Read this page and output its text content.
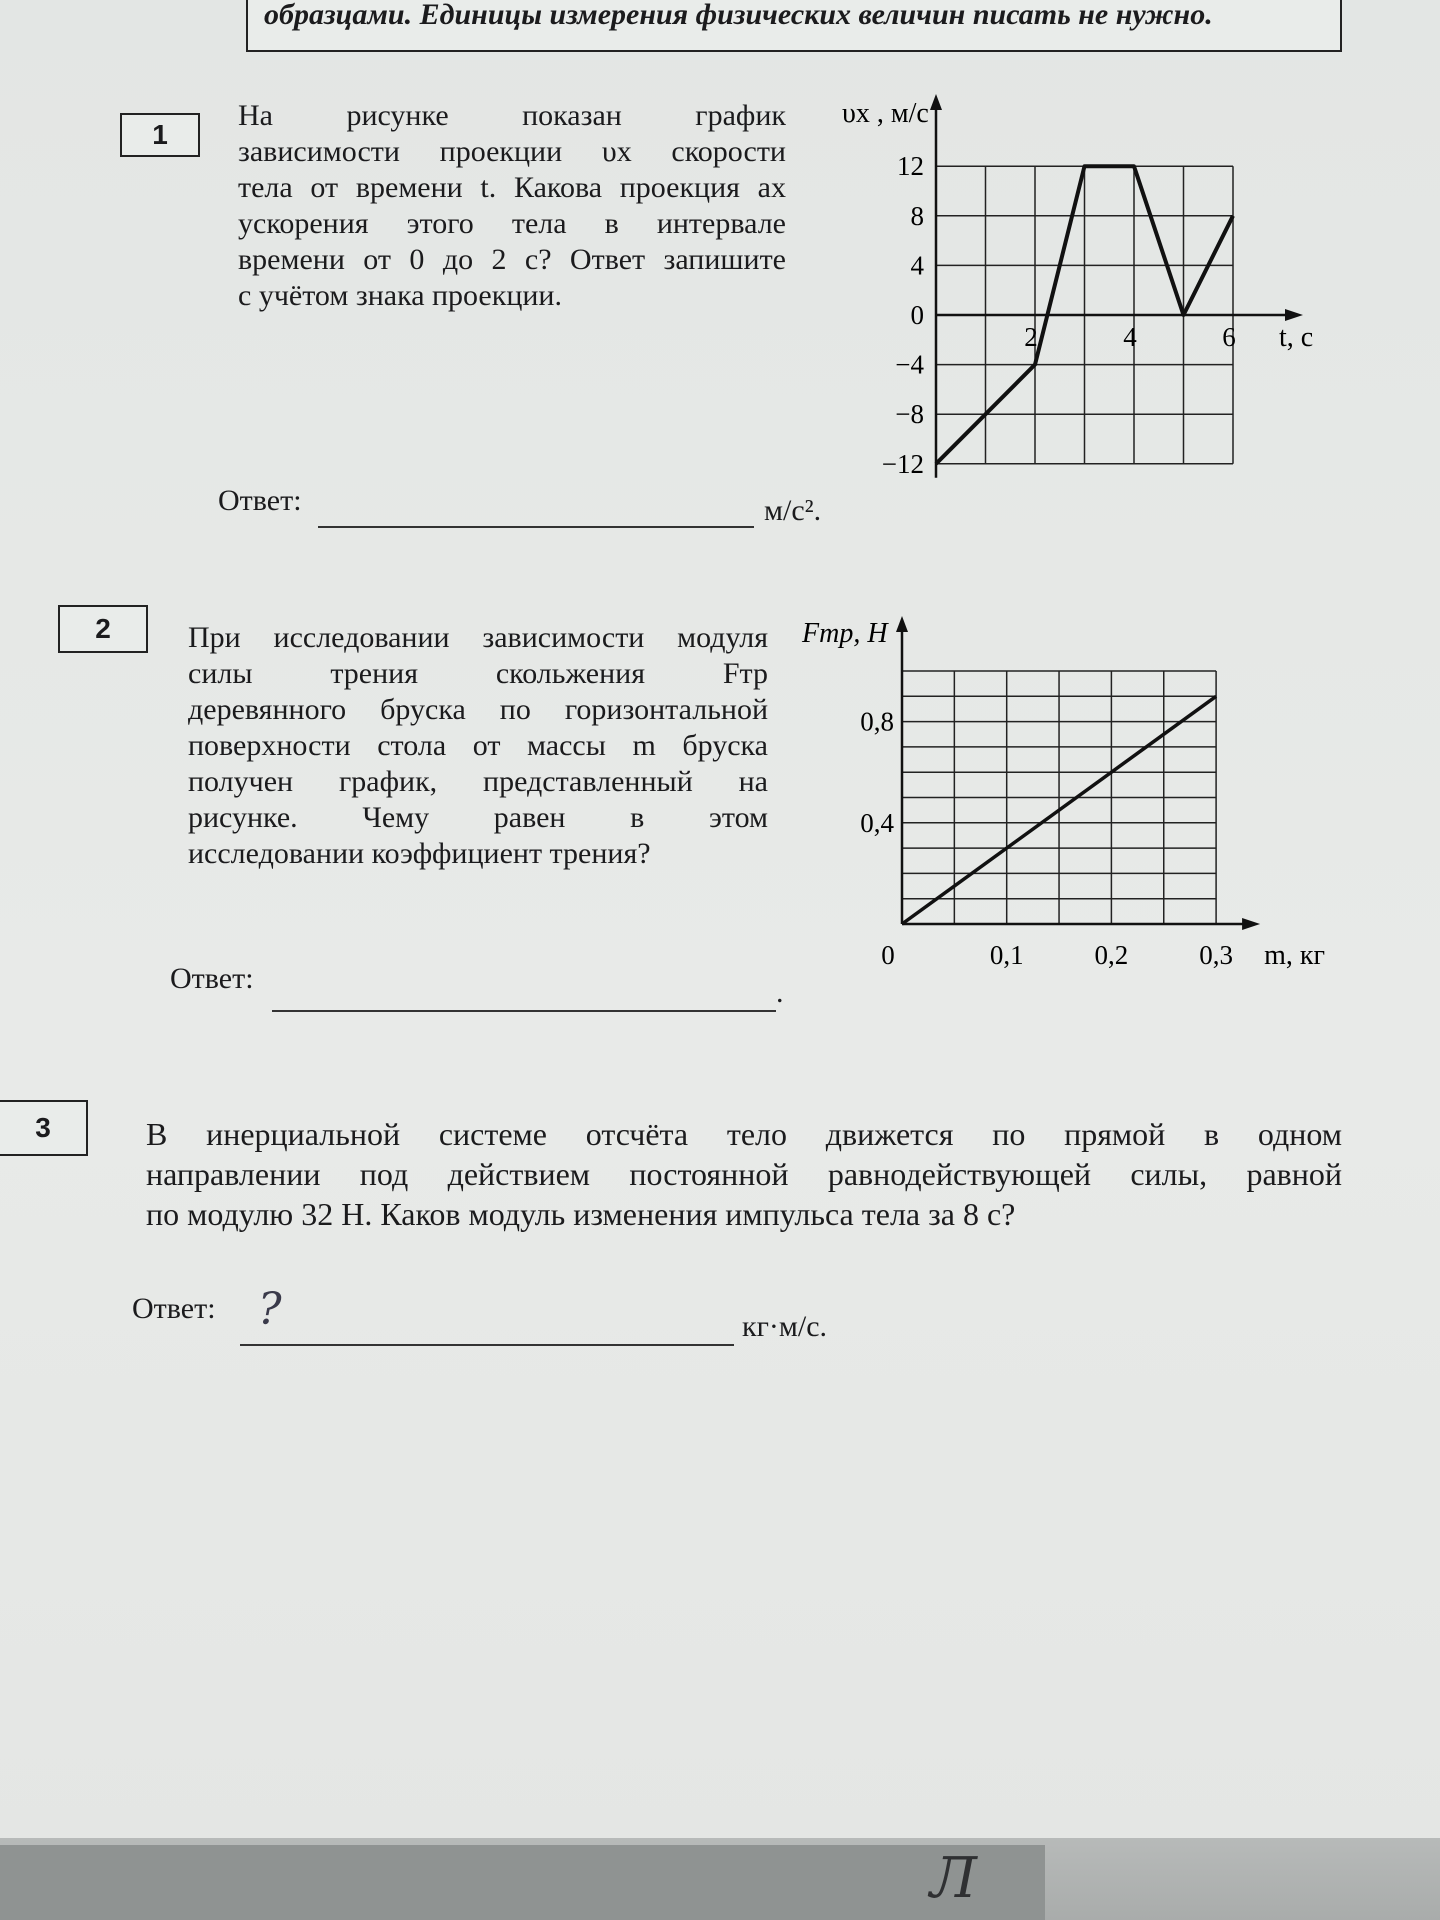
образцами. Единицы измерения физических величин писать не нужно.
1
На рисунке показан график
зависимости проекции υx скорости
тела от времени t. Какова проекция ax
ускорения этого тела в интервале
времени от 0 до 2 с? Ответ запишите
с учётом знака проекции.
Ответ:	м/с².
12
8
4
0
−4
−8
−12
2	4	6
υx , м/с
t, с
2	При исследовании зависимости модуля
силы трения скольжения Fтр
деревянного бруска по горизонтальной
поверхности стола от массы m бруска
получен график, представленный на
рисунке. Чему равен в этом
исследовании коэффициент трения?
Ответ:	.
0,8
0,4
0	0,1	0,2	0,3
Fтр, Н
m, кг
3	В инерциальной системе отсчёта тело движется по прямой в одном
направлении под действием постоянной равнодействующей силы, равной
по модулю 32 Н. Каков модуль изменения импульса тела за 8 с?
Ответ: ?	кг·м/с.
Л
